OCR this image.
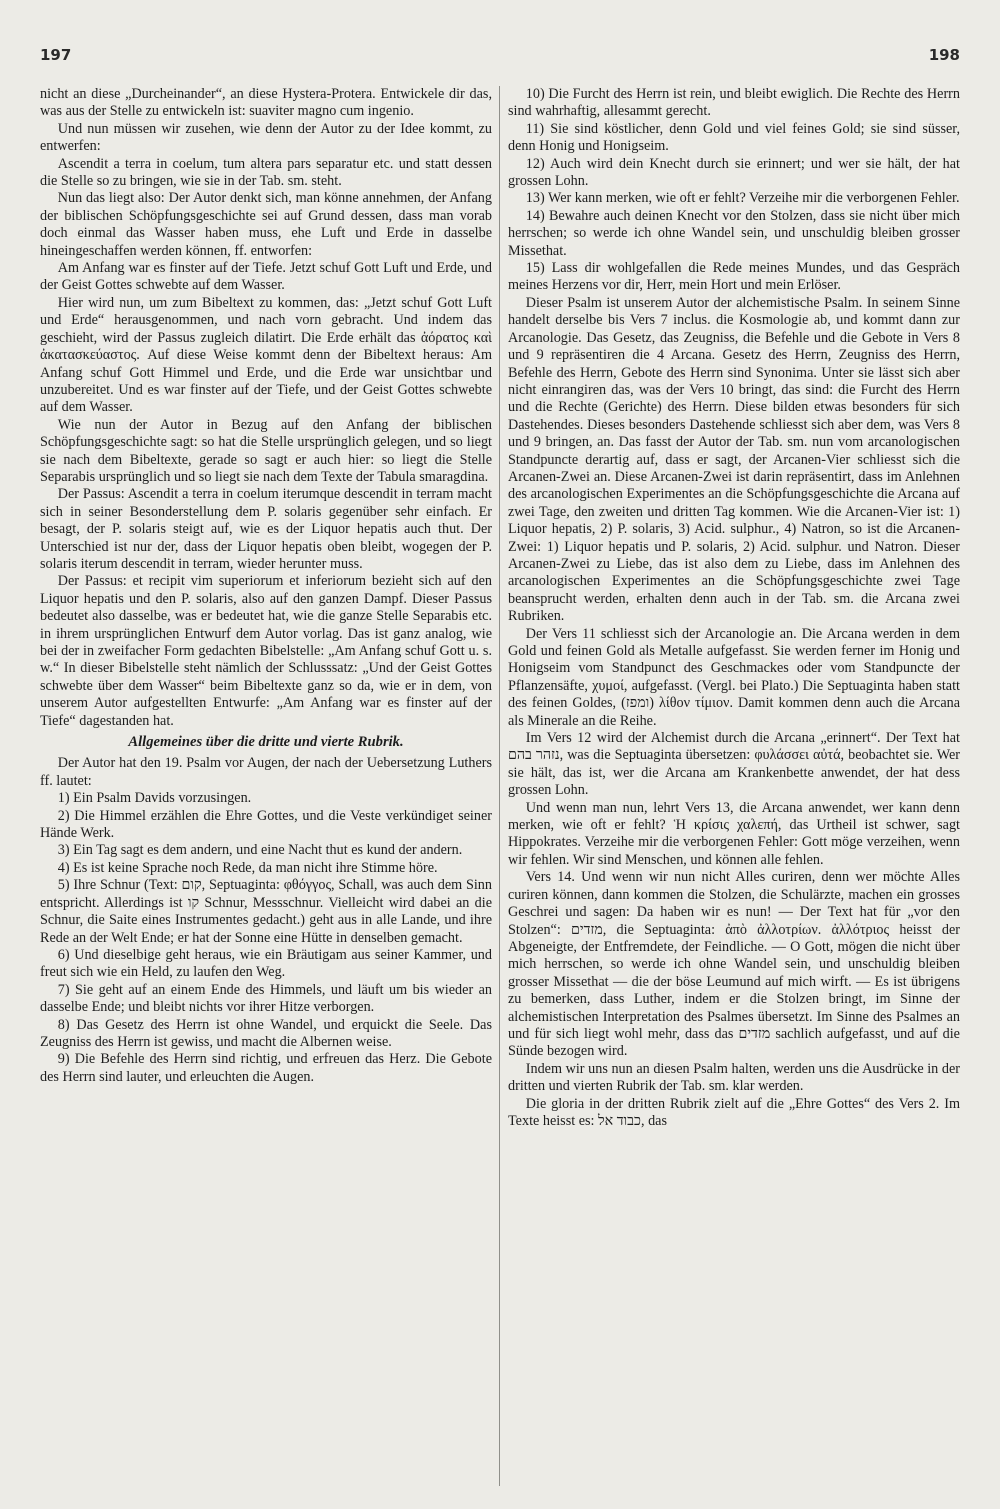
197	198

nicht an diese „Durcheinander“, an diese Hystera-Protera. Entwickele dir das, was aus der Stelle zu entwickeln ist: suaviter magno cum ingenio.

Und nun müssen wir zusehen, wie denn der Autor zu der Idee kommt, zu entwerfen:

Ascendit a terra in coelum, tum altera pars separatur etc. und statt dessen die Stelle so zu bringen, wie sie in der Tab. sm. steht.

Nun das liegt also: Der Autor denkt sich, man könne annehmen, der Anfang der biblischen Schöpfungsgeschichte sei auf Grund dessen, dass man vorab doch einmal das Wasser haben muss, ehe Luft und Erde in dasselbe hineingeschaffen werden können, ff. entworfen:

Am Anfang war es finster auf der Tiefe. Jetzt schuf Gott Luft und Erde, und der Geist Gottes schwebte auf dem Wasser.

Hier wird nun, um zum Bibeltext zu kommen, das: „Jetzt schuf Gott Luft und Erde“ herausgenommen, und nach vorn gebracht. Und indem das geschieht, wird der Passus zugleich dilatirt. Die Erde erhält das ἀόρατος καὶ ἀκατασκεύαστος. Auf diese Weise kommt denn der Bibeltext heraus: Am Anfang schuf Gott Himmel und Erde, und die Erde war unsichtbar und unzubereitet. Und es war finster auf der Tiefe, und der Geist Gottes schwebte auf dem Wasser.

Wie nun der Autor in Bezug auf den Anfang der biblischen Schöpfungsgeschichte sagt: so hat die Stelle ursprünglich gelegen, und so liegt sie nach dem Bibeltexte, gerade so sagt er auch hier: so liegt die Stelle Separabis ursprünglich und so liegt sie nach dem Texte der Tabula smaragdina.

Der Passus: Ascendit a terra in coelum iterumque descendit in terram macht sich in seiner Besonderstellung dem P. solaris gegenüber sehr einfach. Er besagt, der P. solaris steigt auf, wie es der Liquor hepatis auch thut. Der Unterschied ist nur der, dass der Liquor hepatis oben bleibt, wogegen der P. solaris iterum descendit in terram, wieder herunter muss.

Der Passus: et recipit vim superiorum et inferiorum bezieht sich auf den Liquor hepatis und den P. solaris, also auf den ganzen Dampf. Dieser Passus bedeutet also dasselbe, was er bedeutet hat, wie die ganze Stelle Separabis etc. in ihrem ursprünglichen Entwurf dem Autor vorlag. Das ist ganz analog, wie bei der in zweifacher Form gedachten Bibelstelle: „Am Anfang schuf Gott u. s. w.“ In dieser Bibelstelle steht nämlich der Schlusssatz: „Und der Geist Gottes schwebte über dem Wasser“ beim Bibeltexte ganz so da, wie er in dem, von unserem Autor aufgestellten Entwurfe: „Am Anfang war es finster auf der Tiefe“ dagestanden hat.

Allgemeines über die dritte und vierte Rubrik.

Der Autor hat den 19. Psalm vor Augen, der nach der Uebersetzung Luthers ff. lautet:

1) Ein Psalm Davids vorzusingen.

2) Die Himmel erzählen die Ehre Gottes, und die Veste verkündiget seiner Hände Werk.

3) Ein Tag sagt es dem andern, und eine Nacht thut es kund der andern.

4) Es ist keine Sprache noch Rede, da man nicht ihre Stimme höre.

5) Ihre Schnur (Text: קום, Septuaginta: φθόγγος, Schall, was auch dem Sinn entspricht. Allerdings ist קו Schnur, Messschnur. Vielleicht wird dabei an die Schnur, die Saite eines Instrumentes gedacht.) geht aus in alle Lande, und ihre Rede an der Welt Ende; er hat der Sonne eine Hütte in denselben gemacht.

6) Und dieselbige geht heraus, wie ein Bräutigam aus seiner Kammer, und freut sich wie ein Held, zu laufen den Weg.

7) Sie geht auf an einem Ende des Himmels, und läuft um bis wieder an dasselbe Ende; und bleibt nichts vor ihrer Hitze verborgen.

8) Das Gesetz des Herrn ist ohne Wandel, und erquickt die Seele. Das Zeugniss des Herrn ist gewiss, und macht die Albernen weise.

9) Die Befehle des Herrn sind richtig, und erfreuen das Herz. Die Gebote des Herrn sind lauter, und erleuchten die Augen.

10) Die Furcht des Herrn ist rein, und bleibt ewiglich. Die Rechte des Herrn sind wahrhaftig, allesammt gerecht.

11) Sie sind köstlicher, denn Gold und viel feines Gold; sie sind süsser, denn Honig und Honigseim.

12) Auch wird dein Knecht durch sie erinnert; und wer sie hält, der hat grossen Lohn.

13) Wer kann merken, wie oft er fehlt? Verzeihe mir die verborgenen Fehler.

14) Bewahre auch deinen Knecht vor den Stolzen, dass sie nicht über mich herrschen; so werde ich ohne Wandel sein, und unschuldig bleiben grosser Missethat.

15) Lass dir wohlgefallen die Rede meines Mundes, und das Gespräch meines Herzens vor dir, Herr, mein Hort und mein Erlöser.

Dieser Psalm ist unserem Autor der alchemistische Psalm. In seinem Sinne handelt derselbe bis Vers 7 inclus. die Kosmologie ab, und kommt dann zur Arcanologie. Das Gesetz, das Zeugniss, die Befehle und die Gebote in Vers 8 und 9 repräsentiren die 4 Arcana. Gesetz des Herrn, Zeugniss des Herrn, Befehle des Herrn, Gebote des Herrn sind Synonima. Unter sie lässt sich aber nicht einrangiren das, was der Vers 10 bringt, das sind: die Furcht des Herrn und die Rechte (Gerichte) des Herrn. Diese bilden etwas besonders für sich Dastehendes. Dieses besonders Dastehende schliesst sich aber dem, was Vers 8 und 9 bringen, an. Das fasst der Autor der Tab. sm. nun vom arcanologischen Standpuncte derartig auf, dass er sagt, der Arcanen-Vier schliesst sich die Arcanen-Zwei an. Diese Arcanen-Zwei ist darin repräsentirt, dass im Anlehnen des arcanologischen Experimentes an die Schöpfungsgeschichte die Arcana auf zwei Tage, den zweiten und dritten Tag kommen. Wie die Arcanen-Vier ist: 1) Liquor hepatis, 2) P. solaris, 3) Acid. sulphur., 4) Natron, so ist die Arcanen-Zwei: 1) Liquor hepatis und P. solaris, 2) Acid. sulphur. und Natron. Dieser Arcanen-Zwei zu Liebe, das ist also dem zu Liebe, dass im Anlehnen des arcanologischen Experimentes an die Schöpfungsgeschichte zwei Tage beansprucht werden, erhalten denn auch in der Tab. sm. die Arcana zwei Rubriken.

Der Vers 11 schliesst sich der Arcanologie an. Die Arcana werden in dem Gold und feinen Gold als Metalle aufgefasst. Sie werden ferner im Honig und Honigseim vom Standpunct des Geschmackes oder vom Standpuncte der Pflanzensäfte, χυμοί, aufgefasst. (Vergl. bei Plato.) Die Septuaginta haben statt des feinen Goldes, (ומפז) λίθον τίμιον. Damit kommen denn auch die Arcana als Minerale an die Reihe.

Im Vers 12 wird der Alchemist durch die Arcana „erinnert“. Der Text hat נזהר בהם, was die Septuaginta übersetzen: φυλάσσει αὐτά, beobachtet sie. Wer sie hält, das ist, wer die Arcana am Krankenbette anwendet, der hat dess grossen Lohn.

Und wenn man nun, lehrt Vers 13, die Arcana anwendet, wer kann denn merken, wie oft er fehlt? Ἡ κρίσις χαλεπή, das Urtheil ist schwer, sagt Hippokrates. Verzeihe mir die verborgenen Fehler: Gott möge verzeihen, wenn wir fehlen. Wir sind Menschen, und können alle fehlen.

Vers 14. Und wenn wir nun nicht Alles curiren, denn wer möchte Alles curiren können, dann kommen die Stolzen, die Schulärzte, machen ein grosses Geschrei und sagen: Da haben wir es nun! — Der Text hat für „vor den Stolzen“: מזדים, die Septuaginta: ἀπὸ ἀλλοτρίων. ἀλλότριος heisst der Abgeneigte, der Entfremdete, der Feindliche. — O Gott, mögen die nicht über mich herrschen, so werde ich ohne Wandel sein, und unschuldig bleiben grosser Missethat — die der böse Leumund auf mich wirft. — Es ist übrigens zu bemerken, dass Luther, indem er die Stolzen bringt, im Sinne der alchemistischen Interpretation des Psalmes übersetzt. Im Sinne des Psalmes an und für sich liegt wohl mehr, dass das מזדים sachlich aufgefasst, und auf die Sünde bezogen wird.

Indem wir uns nun an diesen Psalm halten, werden uns die Ausdrücke in der dritten und vierten Rubrik der Tab. sm. klar werden.

Die gloria in der dritten Rubrik zielt auf die „Ehre Gottes“ des Vers 2. Im Texte heisst es: כבוד אל, das
